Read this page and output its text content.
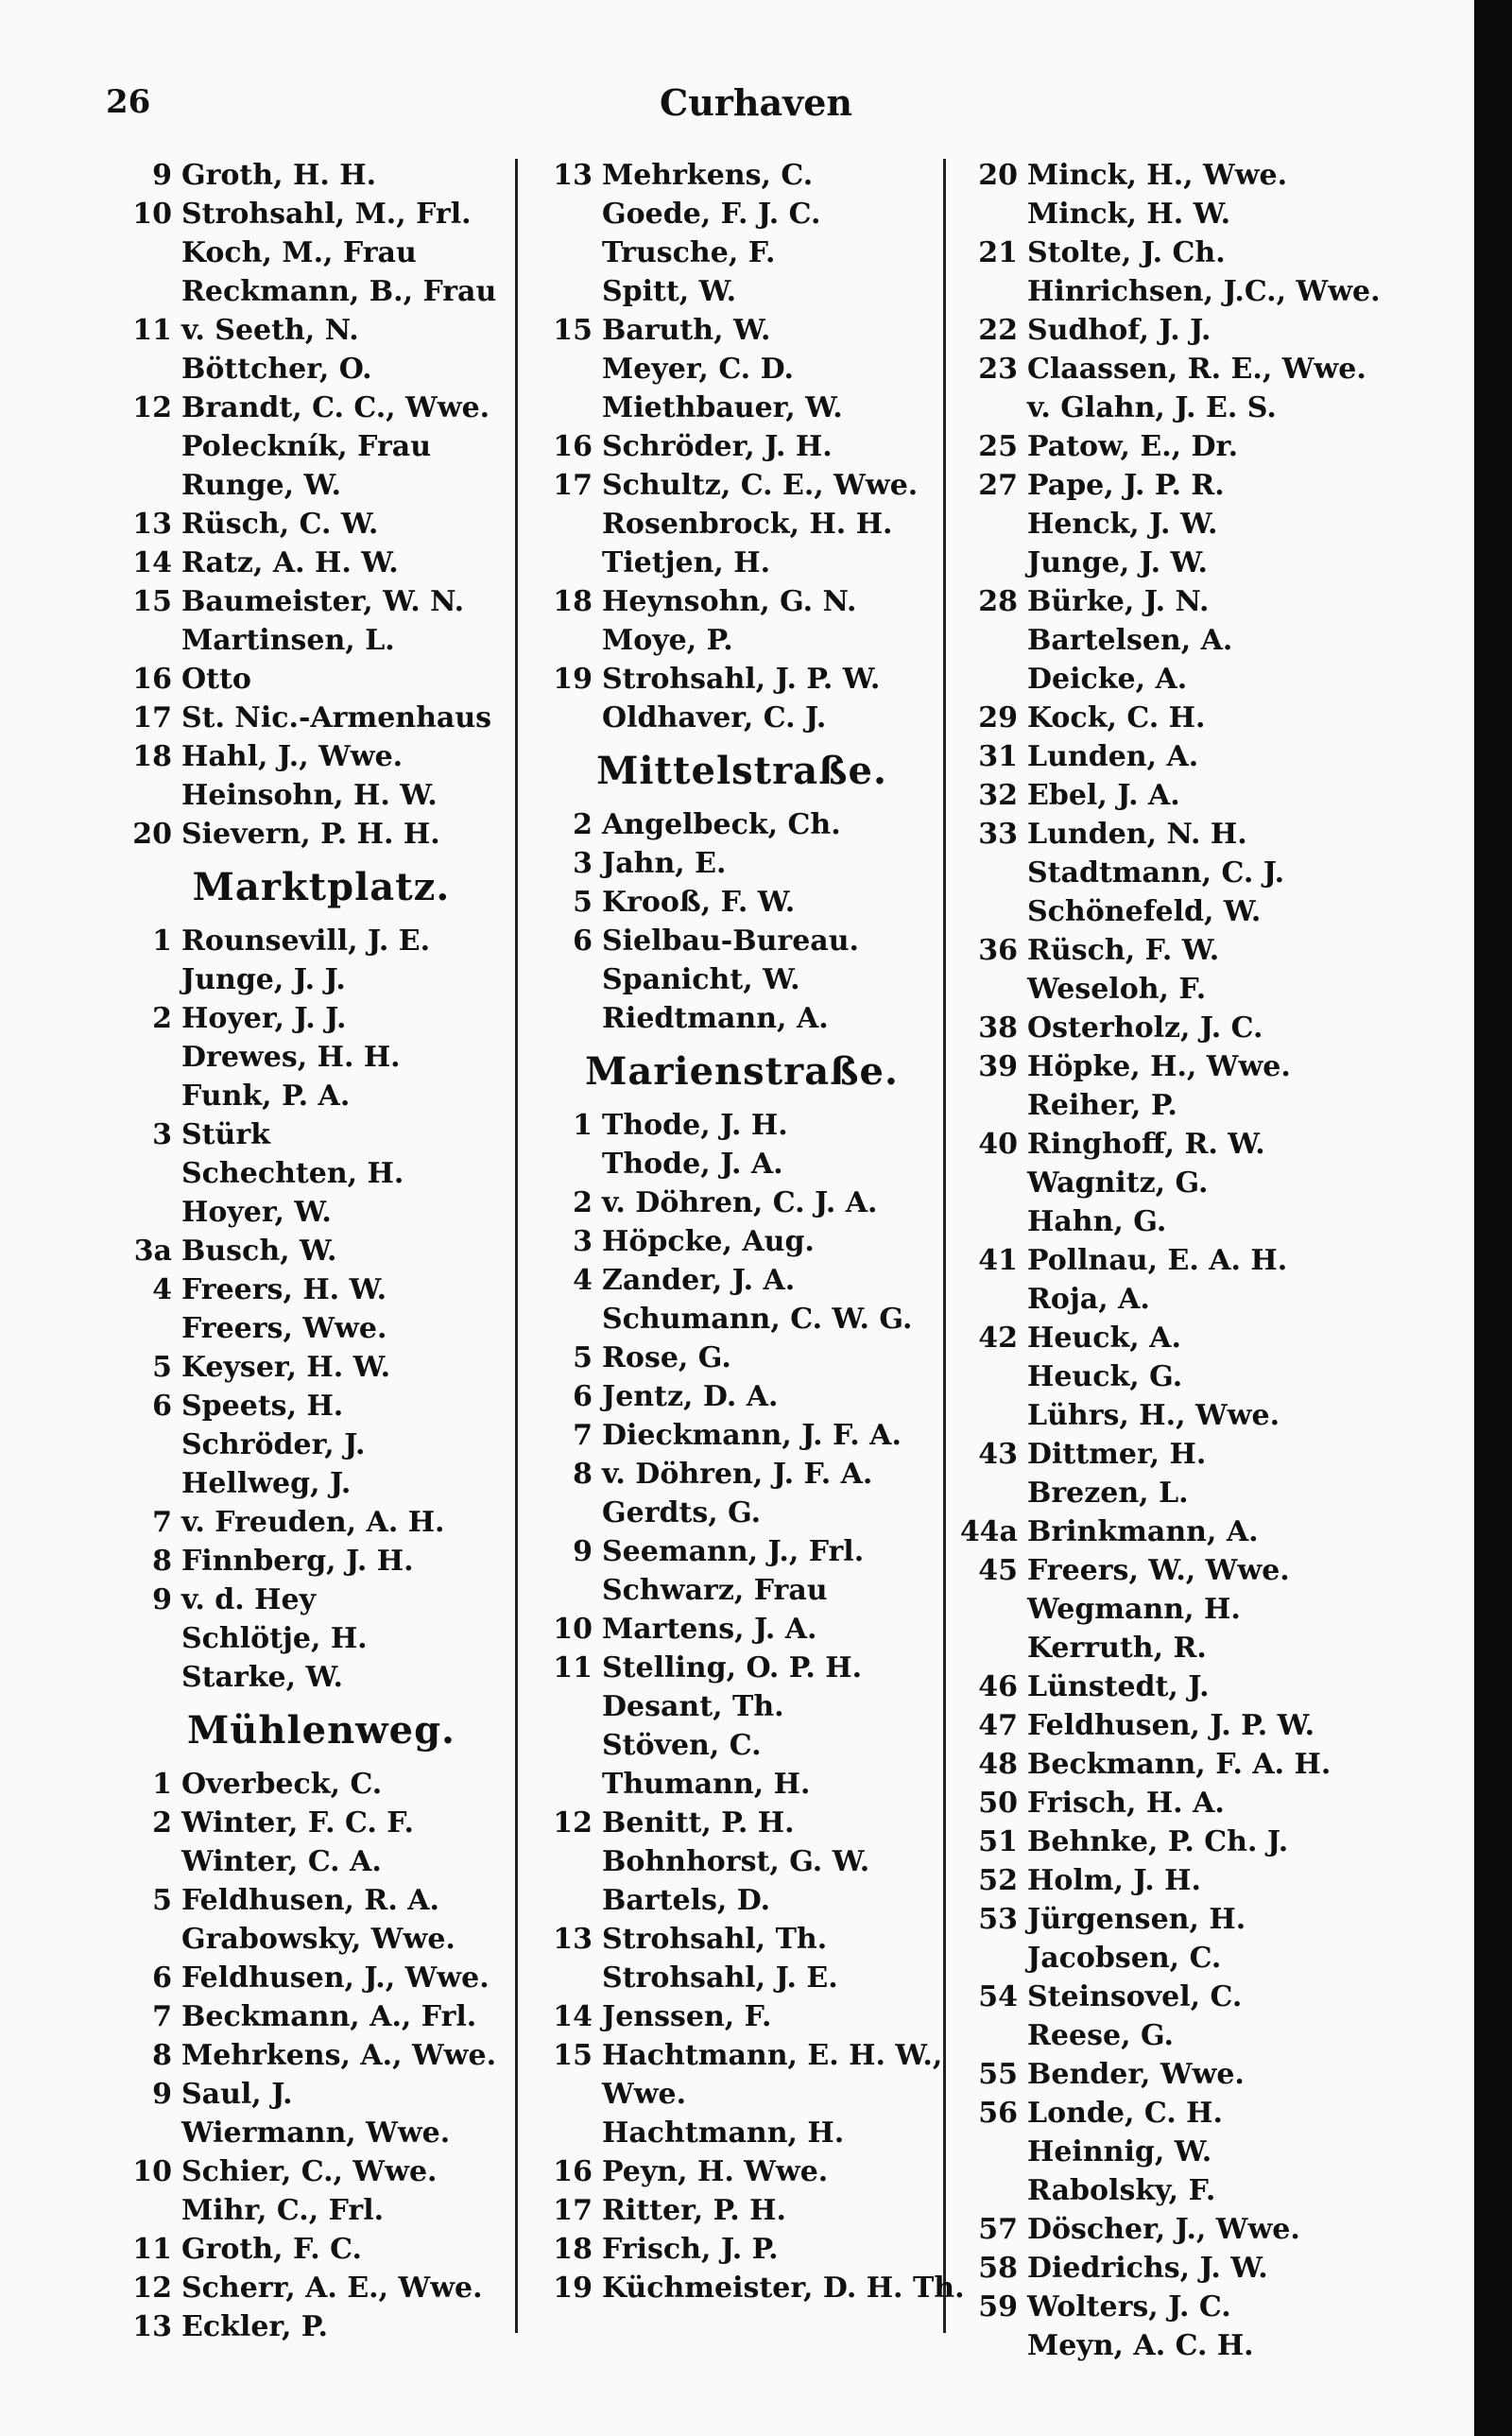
26	Curhaven
9 Groth, H. H.
10 Strohsahl, M., Frl.
Koch, M., Frau
Reckmann, B., Frau
11 v. Seeth, N.
Böttcher, O.
12 Brandt, C. C., Wwe.
Poleckník, Frau
Runge, W.
13 Rüsch, C. W.
14 Ratz, A. H. W.
15 Baumeister, W. N.
Martinsen, L.
16 Otto
17 St. Nic.-Armenhaus
18 Hahl, J., Wwe.
Heinsohn, H. W.
20 Sievern, P. H. H.
Marktplatz.
1 Rounsevill, J. E.
Junge, J. J.
2 Hoyer, J. J.
Drewes, H. H.
Funk, P. A.
3 Stürk
Schechten, H.
Hoyer, W.
3a Busch, W.
4 Freers, H. W.
Freers, Wwe.
5 Keyser, H. W.
6 Speets, H.
Schröder, J.
Hellweg, J.
7 v. Freuden, A. H.
8 Finnberg, J. H.
9 v. d. Hey
Schlötje, H.
Starke, W.
Mühlenweg.
1 Overbeck, C.
2 Winter, F. C. F.
Winter, C. A.
5 Feldhusen, R. A.
Grabowsky, Wwe.
6 Feldhusen, J., Wwe.
7 Beckmann, A., Frl.
8 Mehrkens, A., Wwe.
9 Saul, J.
Wiermann, Wwe.
10 Schier, C., Wwe.
Mihr, C., Frl.
11 Groth, F. C.
12 Scherr, A. E., Wwe.
13 Eckler, P.
13 Mehrkens, C.
Goede, F. J. C.
Trusche, F.
Spitt, W.
15 Baruth, W.
Meyer, C. D.
Miethbauer, W.
16 Schröder, J. H.
17 Schultz, C. E., Wwe.
Rosenbrock, H. H.
Tietjen, H.
18 Heynsohn, G. N.
Moye, P.
19 Strohsahl, J. P. W.
Oldhaver, C. J.
Mittelstraße.
2 Angelbeck, Ch.
3 Jahn, E.
5 Krooß, F. W.
6 Sielbau-Bureau.
Spanicht, W.
Riedtmann, A.
Marienstraße.
1 Thode, J. H.
Thode, J. A.
2 v. Döhren, C. J. A.
3 Höpcke, Aug.
4 Zander, J. A.
Schumann, C. W. G.
5 Rose, G.
6 Jentz, D. A.
7 Dieckmann, J. F. A.
8 v. Döhren, J. F. A.
Gerdts, G.
9 Seemann, J., Frl.
Schwarz, Frau
10 Martens, J. A.
11 Stelling, O. P. H.
Desant, Th.
Stöven, C.
Thumann, H.
12 Benitt, P. H.
Bohnhorst, G. W.
Bartels, D.
13 Strohsahl, Th.
Strohsahl, J. E.
14 Jenssen, F.
15 Hachtmann, E. H. W.,
Wwe.
Hachtmann, H.
16 Peyn, H. Wwe.
17 Ritter, P. H.
18 Frisch, J. P.
19 Küchmeister, D. H. Th.
20 Minck, H., Wwe.
Minck, H. W.
21 Stolte, J. Ch.
Hinrichsen, J.C., Wwe.
22 Sudhof, J. J.
23 Claassen, R. E., Wwe.
v. Glahn, J. E. S.
25 Patow, E., Dr.
27 Pape, J. P. R.
Henck, J. W.
Junge, J. W.
28 Bürke, J. N.
Bartelsen, A.
Deicke, A.
29 Kock, C. H.
31 Lunden, A.
32 Ebel, J. A.
33 Lunden, N. H.
Stadtmann, C. J.
Schönefeld, W.
36 Rüsch, F. W.
Weseloh, F.
38 Osterholz, J. C.
39 Höpke, H., Wwe.
Reiher, P.
40 Ringhoff, R. W.
Wagnitz, G.
Hahn, G.
41 Pollnau, E. A. H.
Roja, A.
42 Heuck, A.
Heuck, G.
Lührs, H., Wwe.
43 Dittmer, H.
Brezen, L.
44a Brinkmann, A.
45 Freers, W., Wwe.
Wegmann, H.
Kerruth, R.
46 Lünstedt, J.
47 Feldhusen, J. P. W.
48 Beckmann, F. A. H.
50 Frisch, H. A.
51 Behnke, P. Ch. J.
52 Holm, J. H.
53 Jürgensen, H.
Jacobsen, C.
54 Steinsovel, C.
Reese, G.
55 Bender, Wwe.
56 Londe, C. H.
Heinnig, W.
Rabolsky, F.
57 Döscher, J., Wwe.
58 Diedrichs, J. W.
59 Wolters, J. C.
Meyn, A. C. H.
